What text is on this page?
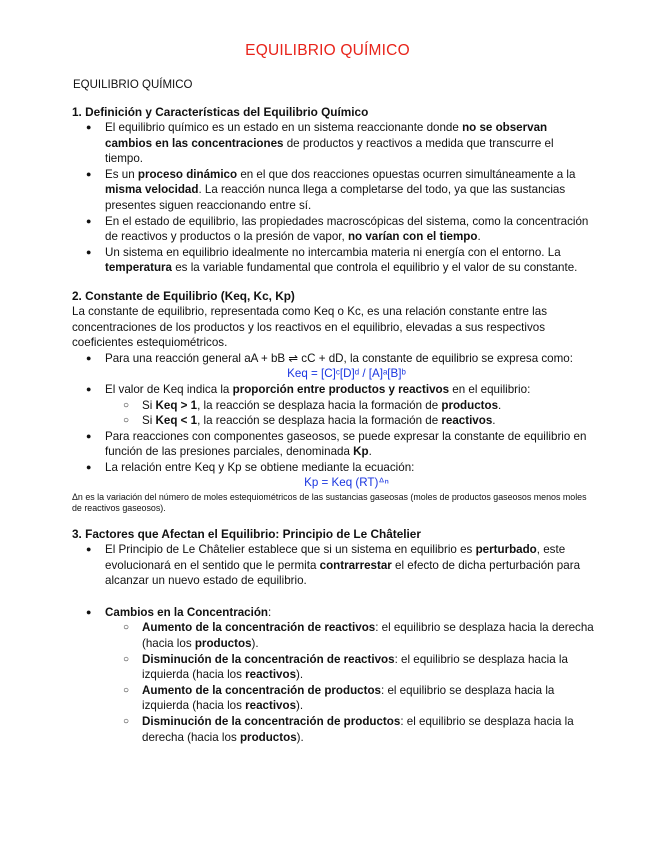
EQUILIBRIO QUÍMICO
EQUILIBRIO QUÍMICO
1. Definición y Características del Equilibrio Químico
● El equilibrio químico es un estado en un sistema reaccionante donde no se observan cambios en las concentraciones de productos y reactivos a medida que transcurre el tiempo.
● Es un proceso dinámico en el que dos reacciones opuestas ocurren simultáneamente a la misma velocidad. La reacción nunca llega a completarse del todo, ya que las sustancias presentes siguen reaccionando entre sí.
● En el estado de equilibrio, las propiedades macroscópicas del sistema, como la concentración de reactivos y productos o la presión de vapor, no varían con el tiempo.
● Un sistema en equilibrio idealmente no intercambia materia ni energía con el entorno. La temperatura es la variable fundamental que controla el equilibrio y el valor de su constante.
2. Constante de Equilibrio (Keq, Kc, Kp)

La constante de equilibrio, representada como Keq o Kc, es una relación constante entre las concentraciones de los productos y los reactivos en el equilibrio, elevadas a sus respectivos coeficientes estequiométricos.

● Para una reacción general aA + bB ⇌ cC + dD, la constante de equilibrio se expresa como:
Keq = [C]ᶜ[D]ᵈ / [A]ᵃ[B]ᵇ
● El valor de Keq indica la proporción entre productos y reactivos en el equilibrio:
○ Si Keq > 1, la reacción se desplaza hacia la formación de productos.
○ Si Keq < 1, la reacción se desplaza hacia la formación de reactivos.
● Para reacciones con componentes gaseosos, se puede expresar la constante de equilibrio en función de las presiones parciales, denominada Kp.
● La relación entre Keq y Kp se obtiene mediante la ecuación:
Kp = Keq (RT)ᐞⁿ

Δn es la variación del número de moles estequiométricos de las sustancias gaseosas (moles de productos gaseosos menos moles de reactivos gaseosos).

3. Factores que Afectan el Equilibrio: Principio de Le Châtelier
● El Principio de Le Châtelier establece que si un sistema en equilibrio es perturbado, este evolucionará en el sentido que le permita contrarrestar el efecto de dicha perturbación para alcanzar un nuevo estado de equilibrio.
● Cambios en la Concentración:
○ Aumento de la concentración de reactivos: el equilibrio se desplaza hacia la derecha (hacia los productos).
○ Disminución de la concentración de reactivos: el equilibrio se desplaza hacia la izquierda (hacia los reactivos).
○ Aumento de la concentración de productos: el equilibrio se desplaza hacia la izquierda (hacia los reactivos).
○ Disminución de la concentración de productos: el equilibrio se desplaza hacia la derecha (hacia los productos).
